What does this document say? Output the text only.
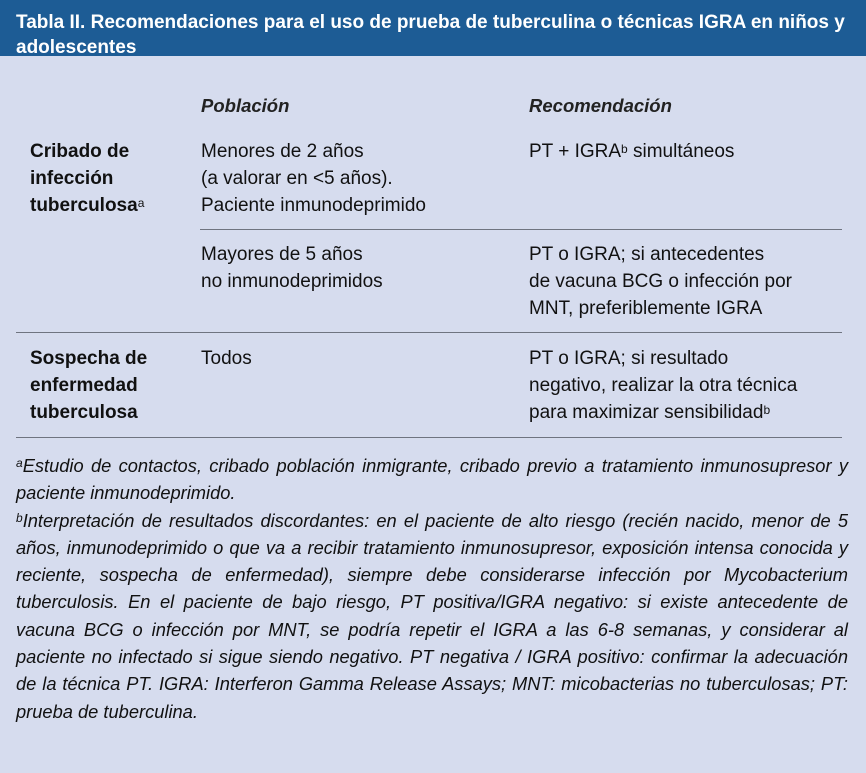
Tabla II. Recomendaciones para el uso de prueba de tuberculina o técnicas IGRA en niños y adolescentes
Población	Recomendación
Cribado de
infección
tuberculosa$^a$
Menores de 2 años
(a valorar en <5 años).
Paciente inmunodeprimido
PT + $IGRA^b$ simultáneos
Mayores de 5 años
no inmunodeprimidos
PT o IGRA; si antecedentes
de vacuna BCG o infección por
MNT, preferiblemente IGRA
Sospecha de
enfermedad
tuberculosa
Todos	PT o IGRA; si resultado
negativo, realizar la otra técnica
para maximizar sensibilidad$^b$

$^a$Estudio de contactos, cribado población inmigrante, cribado previo a tratamiento inmunosupresor y paciente inmunodeprimido.

$^b$Interpretación de resultados discordantes: en el paciente de alto riesgo (recién nacido, menor de 5 años, inmunodeprimido o que va a recibir tratamiento inmunosupresor, exposición intensa conocida y reciente, sospecha de enfermedad), siempre debe considerarse infección por Mycobacterium tuberculosis. En el paciente de bajo riesgo, PT positiva/IGRA negativo: si existe antecedente de vacuna BCG o infección por MNT, se podría repetir el IGRA a las 6-8 semanas, y considerar al paciente no infectado si sigue siendo negativo. PT negativa / IGRA positivo: confirmar la adecuación de la técnica PT. IGRA: Interferon Gamma Release Assays; MNT: micobacterias no tuberculosas; PT: prueba de tuberculina.
